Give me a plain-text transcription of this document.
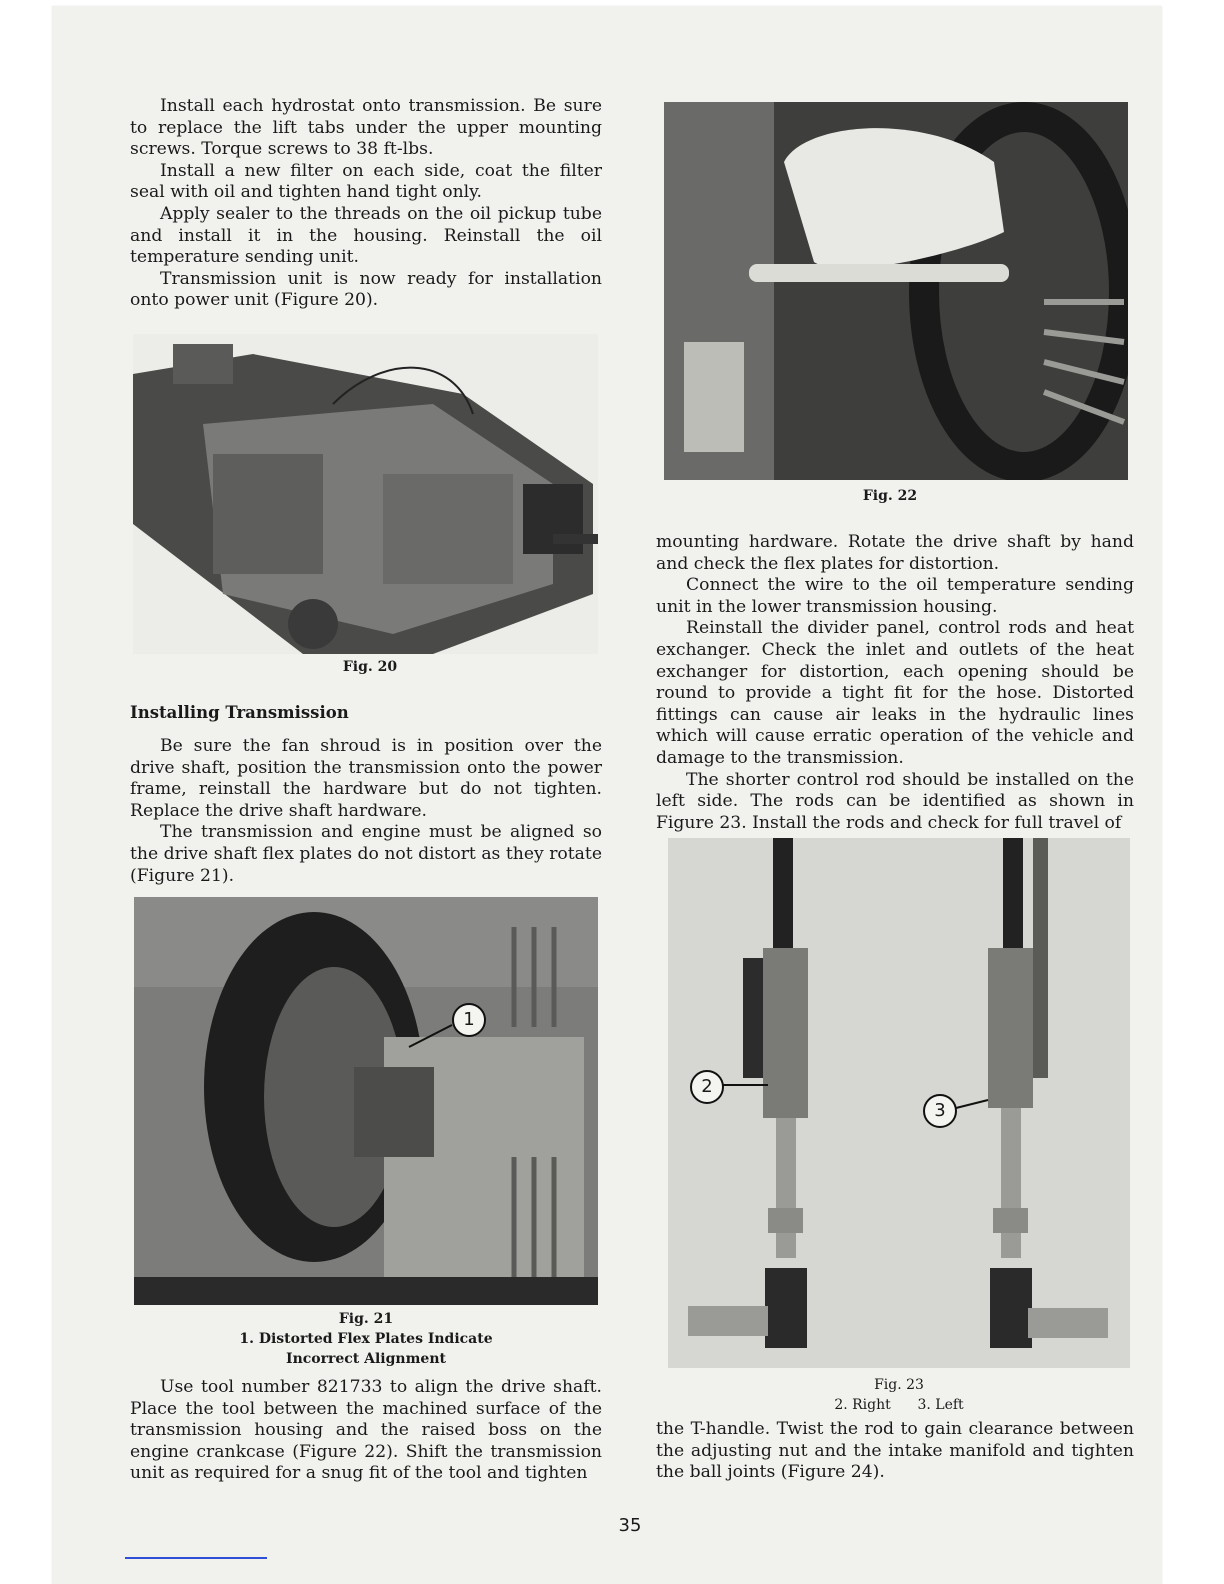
Install each hydrostat onto transmission. Be sure to replace the lift tabs under the upper mounting screws. Torque screws to 38 ft-lbs.

Install a new filter on each side, coat the filter seal with oil and tighten hand tight only.

Apply sealer to the threads on the oil pickup tube and install it in the housing. Reinstall the oil temperature sending unit.

Transmission unit is now ready for installation onto power unit (Figure 20).

Fig. 20
Installing Transmission

Be sure the fan shroud is in position over the drive shaft, position the transmission onto the power frame, reinstall the hardware but do not tighten. Replace the drive shaft hardware.

The transmission and engine must be aligned so the drive shaft flex plates do not distort as they rotate (Figure 21).

1
Fig. 21
1. Distorted Flex Plates Indicate
Incorrect Alignment

Use tool number 821733 to align the drive shaft. Place the tool between the machined surface of the transmission housing and the raised boss on the engine crankcase (Figure 22). Shift the transmission unit as required for a snug fit of the tool and tighten

Fig. 22

mounting hardware. Rotate the drive shaft by hand and check the flex plates for distortion.

Connect the wire to the oil temperature sending unit in the lower transmission housing.

Reinstall the divider panel, control rods and heat exchanger. Check the inlet and outlets of the heat exchanger for distortion, each opening should be round to provide a tight fit for the hose. Distorted fittings can cause air leaks in the hydraulic lines which will cause erratic operation of the vehicle and damage to the transmission.

The shorter control rod should be installed on the left side. The rods can be identified as shown in Figure 23. Install the rods and check for full travel of

2
3
Fig. 23
2. Right      3. Left

the T-handle. Twist the rod to gain clearance between the adjusting nut and the intake manifold and tighten the ball joints (Figure 24).

35
